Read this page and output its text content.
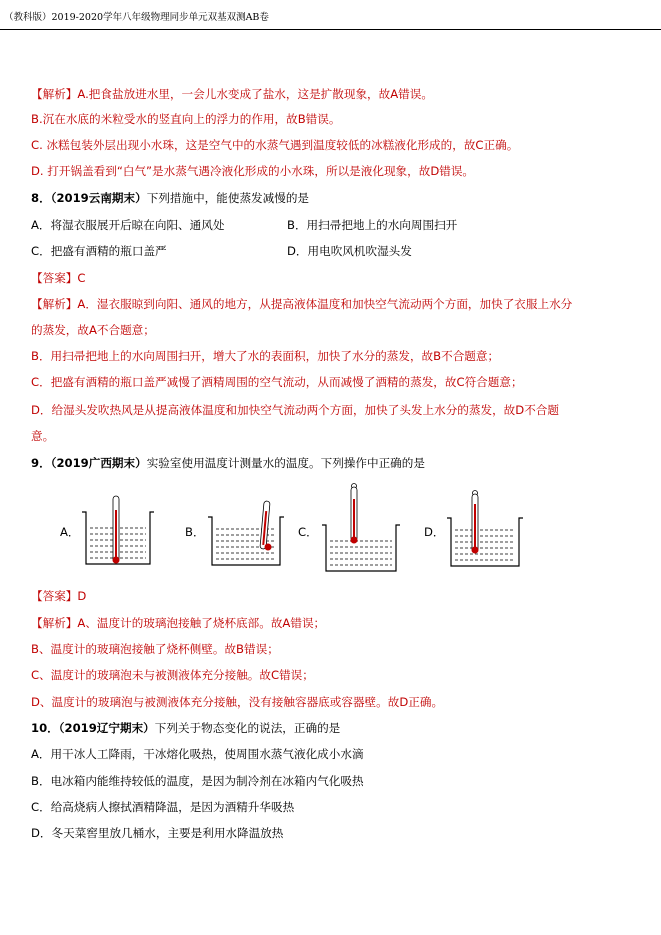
（教科版）2019-2020学年八年级物理同步单元双基双测AB卷
【解析】A.把食盐放进水里，一会儿水变成了盐水，这是扩散现象，故A错误。
B.沉在水底的米粒受水的竖直向上的浮力的作用，故B错误。
C. 冰糕包装外层出现小水珠，这是空气中的水蒸气遇到温度较低的冰糕液化形成的，故C正确。
D. 打开锅盖看到“白气”是水蒸气遇冷液化形成的小水珠，所以是液化现象，故D错误。
8．（2019云南期末）下列措施中，能使蒸发减慢的是
A．将湿衣服展开后晾在向阳、通风处	B．用扫帚把地上的水向周围扫开
C．把盛有酒精的瓶口盖严	D．用电吹风机吹湿头发
【答案】C
【解析】A．湿衣服晾到向阳、通风的地方，从提高液体温度和加快空气流动两个方面，加快了衣服上水分
的蒸发，故A不合题意；
B．用扫帚把地上的水向周围扫开，增大了水的表面积，加快了水分的蒸发，故B不合题意；
C．把盛有酒精的瓶口盖严减慢了酒精周围的空气流动，从而减慢了酒精的蒸发，故C符合题意；
D．给湿头发吹热风是从提高液体温度和加快空气流动两个方面，加快了头发上水分的蒸发，故D不合题
意。
9．（2019广西期末）实验室使用温度计测量水的温度。下列操作中正确的是
A．	B．	C．	D．
【答案】D
【解析】A、温度计的玻璃泡接触了烧杯底部。故A错误；
B、温度计的玻璃泡接触了烧杯侧壁。故B错误；
C、温度计的玻璃泡未与被测液体充分接触。故C错误；
D、温度计的玻璃泡与被测液体充分接触，没有接触容器底或容器壁。故D正确。
10．（2019辽宁期末）下列关于物态变化的说法，正确的是
A．用干冰人工降雨，干冰熔化吸热，使周围水蒸气液化成小水滴
B．电冰箱内能维持较低的温度，是因为制冷剂在冰箱内气化吸热
C．给高烧病人擦拭酒精降温，是因为酒精升华吸热
D．冬天菜窖里放几桶水，主要是利用水降温放热
